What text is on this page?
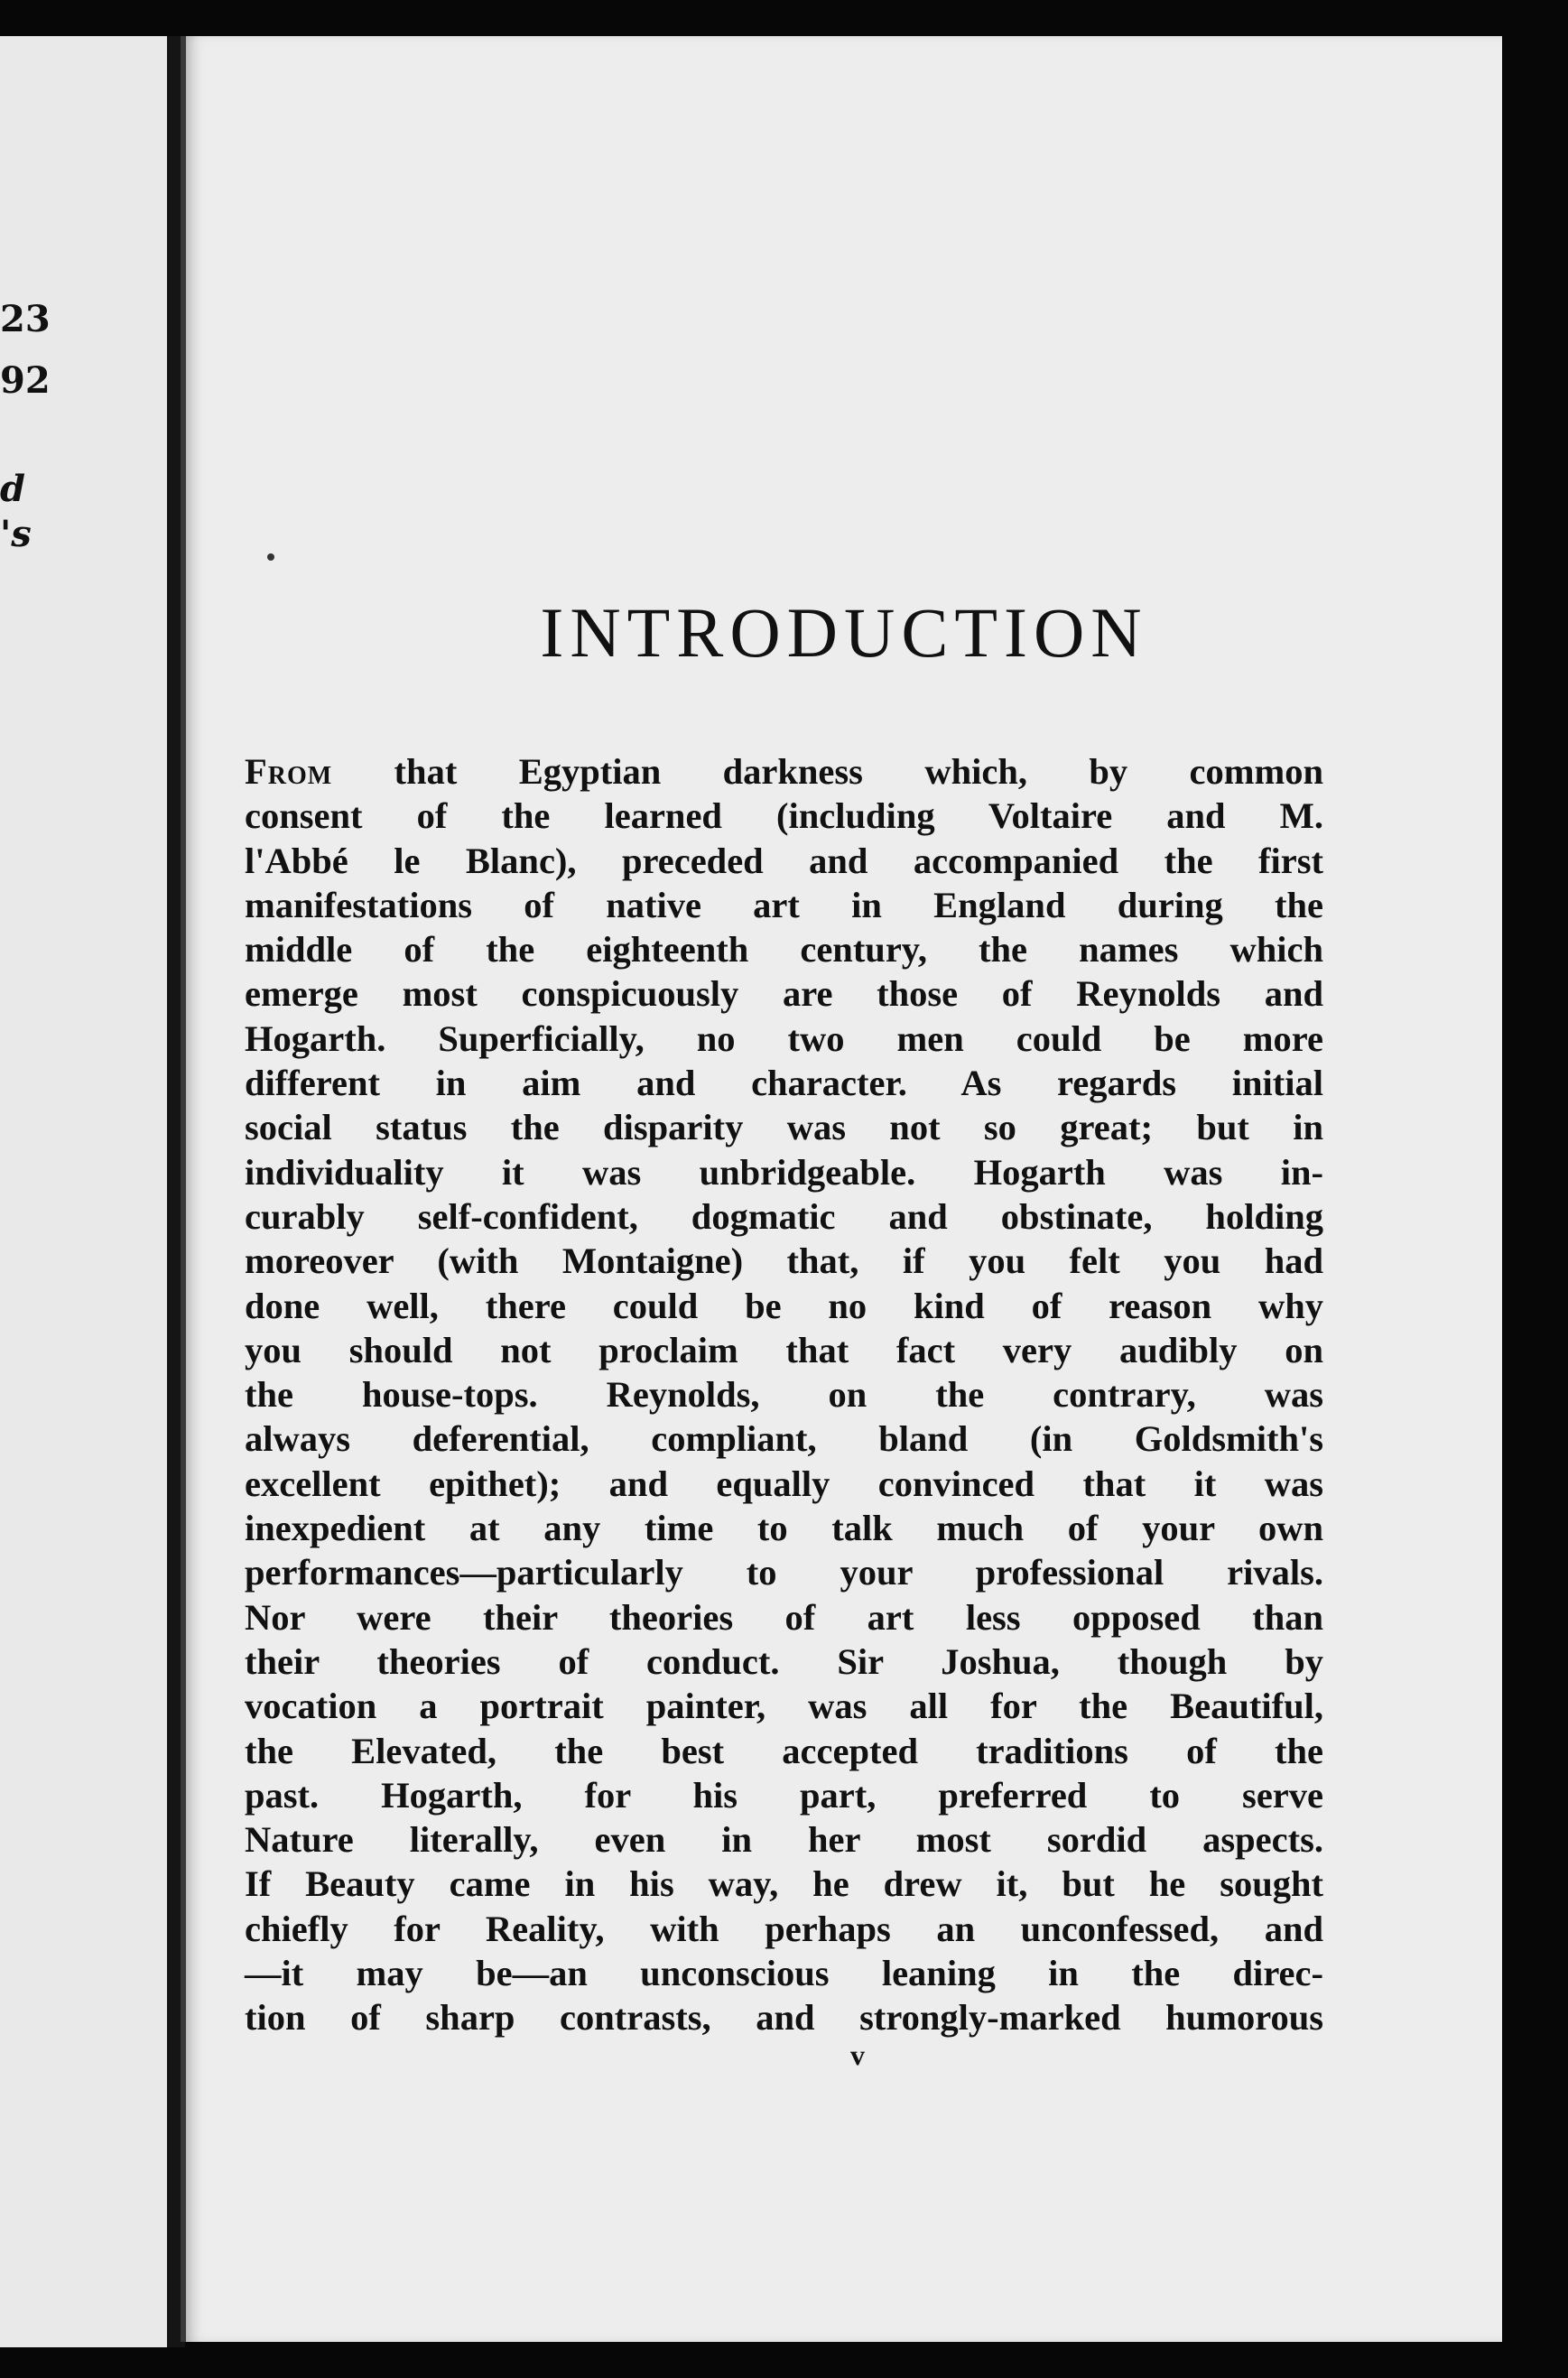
23
92
d
's
INTRODUCTION
From that Egyptian darkness which, by common
consent of the learned (including Voltaire and M.
l'Abbé le Blanc), preceded and accompanied the first
manifestations of native art in England during the
middle of the eighteenth century, the names which
emerge most conspicuously are those of Reynolds and
Hogarth. Superficially, no two men could be more
different in aim and character. As regards initial
social status the disparity was not so great; but in
individuality it was unbridgeable. Hogarth was in-
curably self-confident, dogmatic and obstinate, holding
moreover (with Montaigne) that, if you felt you had
done well, there could be no kind of reason why
you should not proclaim that fact very audibly on
the house-tops. Reynolds, on the contrary, was
always deferential, compliant, bland (in Goldsmith's
excellent epithet); and equally convinced that it was
inexpedient at any time to talk much of your own
performances—particularly to your professional rivals.
Nor were their theories of art less opposed than
their theories of conduct. Sir Joshua, though by
vocation a portrait painter, was all for the Beautiful,
the Elevated, the best accepted traditions of the
past. Hogarth, for his part, preferred to serve
Nature literally, even in her most sordid aspects.
If Beauty came in his way, he drew it, but he sought
chiefly for Reality, with perhaps an unconfessed, and
—it may be—an unconscious leaning in the direc-
tion of sharp contrasts, and strongly-marked humorous
v
